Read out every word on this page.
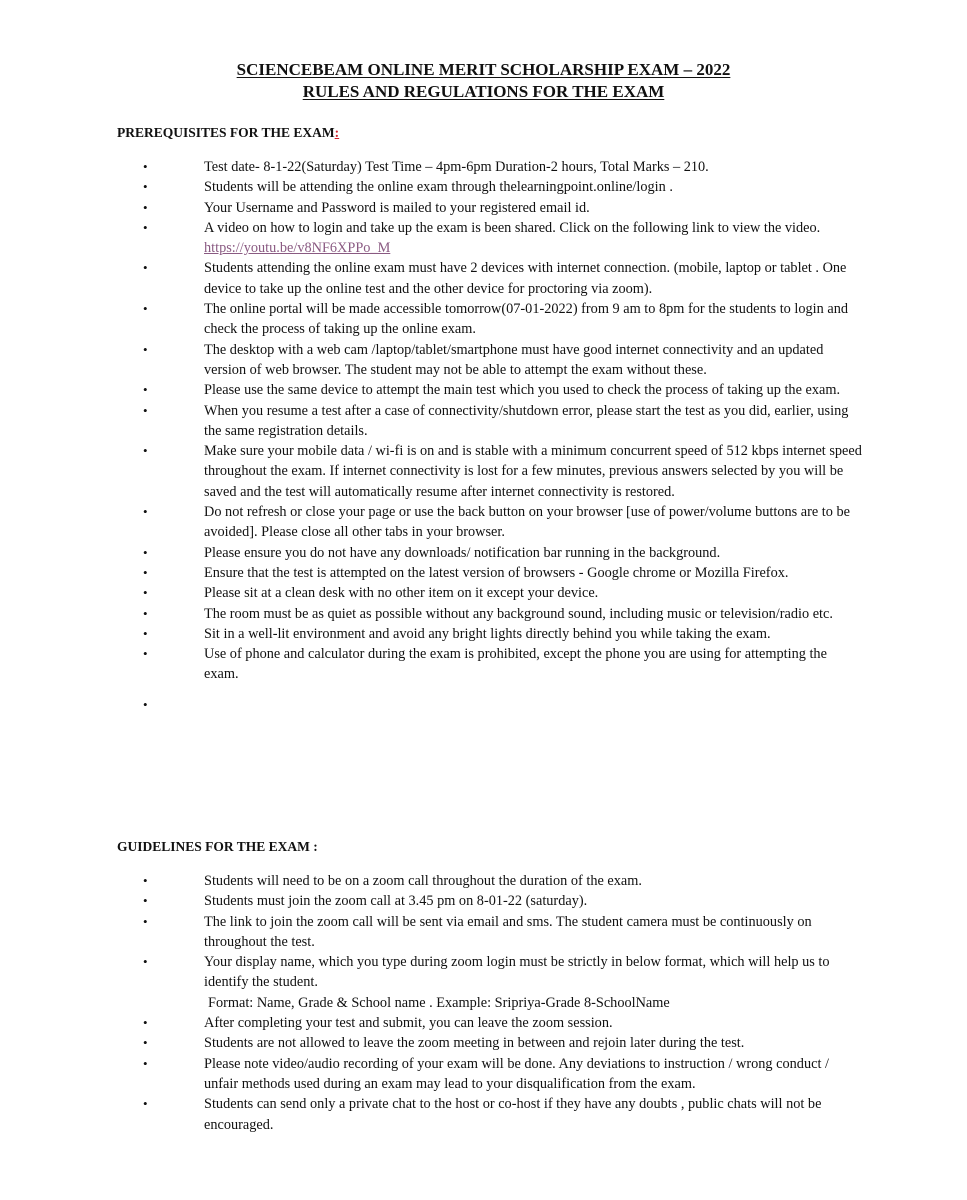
SCIENCEBEAM ONLINE MERIT SCHOLARSHIP EXAM – 2022
RULES AND REGULATIONS FOR THE EXAM
PREREQUISITES FOR THE EXAM:
•	Test date- 8-1-22(Saturday) Test Time – 4pm-6pm Duration-2 hours, Total Marks – 210.
•	Students will be attending the online exam through thelearningpoint.online/login .
•	Your Username and Password is mailed to your registered email id.
•	A video on how to login and take up the exam is been shared. Click on the following link to view the video. https://youtu.be/v8NF6XPPo_M
•	Students attending the online exam must have 2 devices with internet connection. (mobile, laptop or tablet . One device to take up the online test and the other device for proctoring via zoom).
•	The online portal will be made accessible tomorrow(07-01-2022) from 9 am to 8pm for the students to login and check the process of taking up the online exam.
•	The desktop with a web cam /laptop/tablet/smartphone must have good internet connectivity and an updated version of web browser. The student may not be able to attempt the exam without these.
•	Please use the same device to attempt the main test which you used to check the process of taking up the exam.
•	When you resume a test after a case of connectivity/shutdown error, please start the test as you did, earlier, using the same registration details.
•	Make sure your mobile data / wi-fi is on and is stable with a minimum concurrent speed of 512 kbps internet speed throughout the exam. If internet connectivity is lost for a few minutes, previous answers selected by you will be saved and the test will automatically resume after internet connectivity is restored.
•	Do not refresh or close your page or use the back button on your browser [use of power/volume buttons are to be avoided]. Please close all other tabs in your browser.
•	Please ensure you do not have any downloads/ notification bar running in the background.
•	Ensure that the test is attempted on the latest version of browsers - Google chrome or Mozilla Firefox.
•	Please sit at a clean desk with no other item on it except your device.
•	The room must be as quiet as possible without any background sound, including music or television/radio etc.
•	Sit in a well-lit environment and avoid any bright lights directly behind you while taking the exam.
•	Use of phone and calculator during the exam is prohibited, except the phone you are using for attempting the exam.
•
GUIDELINES FOR THE EXAM :
•	Students will need to be on a zoom call throughout the duration of the exam.
•	Students must join the zoom call at 3.45 pm on 8-01-22 (saturday).
•	The link to join the zoom call will be sent via email and sms. The student camera must be continuously on throughout the test.
•	Your display name, which you type during zoom login must be strictly in below format, which will help us to identify the student.
Format: Name, Grade & School name . Example: Sripriya-Grade 8-SchoolName
•	After completing your test and submit, you can leave the zoom session.
•	Students are not allowed to leave the zoom meeting in between and rejoin later during the test.
•	Please note video/audio recording of your exam will be done. Any deviations to instruction / wrong conduct / unfair methods used during an exam may lead to your disqualification from the exam.
•	Students can send only a private chat to the host or co-host if they have any doubts , public chats will not be encouraged.
